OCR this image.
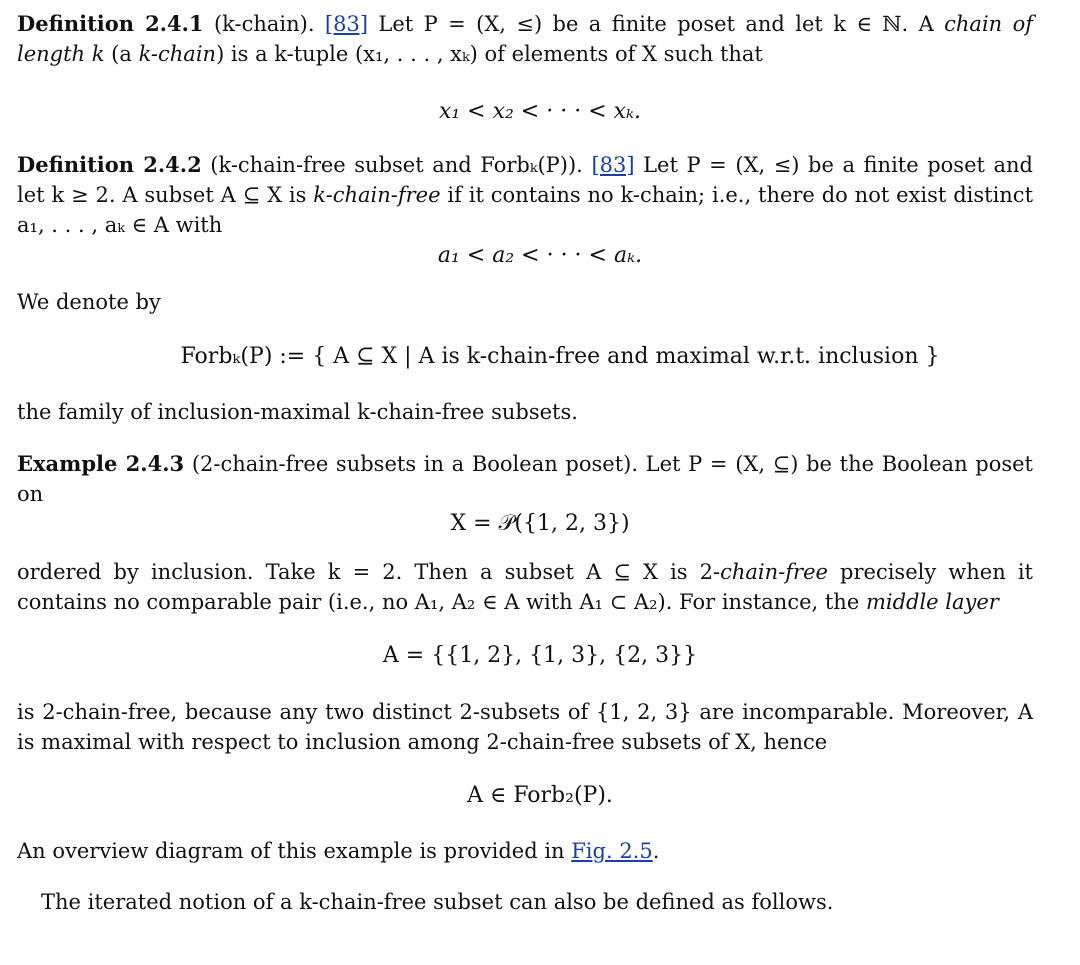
Definition 2.4.1 (k-chain). [83] Let P = (X, ≤) be a finite poset and let k ∈ ℕ. A chain of length k (a k-chain) is a k-tuple (x₁, . . . , xₖ) of elements of X such that

x₁ < x₂ < · · · < xₖ.

Definition 2.4.2 (k-chain-free subset and Forbₖ(P)). [83] Let P = (X, ≤) be a finite poset and let k ≥ 2. A subset A ⊆ X is k-chain-free if it contains no k-chain; i.e., there do not exist distinct a₁, . . . , aₖ ∈ A with

a₁ < a₂ < · · · < aₖ.

We denote by

Forbₖ(P) := { A ⊆ X | A is k-chain-free and maximal w.r.t. inclusion }

the family of inclusion-maximal k-chain-free subsets.

Example 2.4.3 (2-chain-free subsets in a Boolean poset). Let P = (X, ⊆) be the Boolean poset on

X = 𝒫({1, 2, 3})

ordered by inclusion. Take k = 2. Then a subset A ⊆ X is 2-chain-free precisely when it contains no comparable pair (i.e., no A₁, A₂ ∈ A with A₁ ⊂ A₂). For instance, the middle layer

A = {{1, 2}, {1, 3}, {2, 3}}

is 2-chain-free, because any two distinct 2-subsets of {1, 2, 3} are incomparable. Moreover, A is maximal with respect to inclusion among 2-chain-free subsets of X, hence

A ∈ Forb₂(P).

An overview diagram of this example is provided in Fig. 2.5.

The iterated notion of a k-chain-free subset can also be defined as follows.
